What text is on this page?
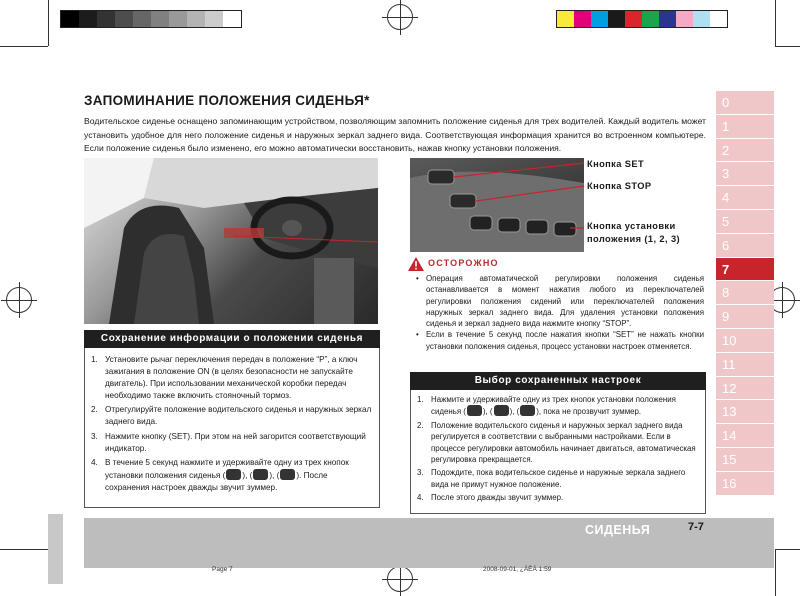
ЗАПОМИНАНИЕ ПОЛОЖЕНИЯ СИДЕНЬЯ*

Водительское сиденье оснащено запоминающим устройством, позволяющим запомнить положение сиденья для трех водителей. Каждый водитель может установить удобное для него положение сиденья и наружных зеркал заднего вида. Соответствующая информация хранится во встроенном компьютере. Если положение сиденья было изменено, его можно автоматически восстановить, нажав кнопку установки положения.

Кнопка SET
Кнопка STOP
Кнопка установки
положения (1, 2, 3)
ОСТОРОЖНО
• Операция автоматической регулировки положения сиденья останавливается в момент нажатия любого из переключателей регулировки положения сидений или переключателей положения наружных зеркал заднего вида. Для удаления установки положения сиденья и зеркал заднего вида нажмите кнопку “STOP”.
• Если в течение 5 секунд после нажатия кнопки “SET” не нажать кнопки установки положения сиденья, процесс установки настроек отменяется.
Сохранение информации о положении сиденья
1. Установите рычаг переключения передач в положение “P”, а ключ зажигания в положение ON (в целях безопасности не запускайте двигатель). При использовании механической коробки передач необходимо также включить стояночный тормоз.
2. Отрегулируйте положение водительского сиденья и наружных зеркал заднего вида.
3. Нажмите кнопку (SET). При этом на ней загорится соответствующий индикатор.
4. В течение 5 секунд нажмите и удерживайте одну из трех кнопок установки положения сиденья ( ), ( ), ( ). После сохранения настроек дважды звучит зуммер.
Выбор сохраненных настроек
1. Нажмите и удерживайте одну из трех кнопок установки положения сиденья ( ), ( ), ( ), пока не прозвучит зуммер.
2. Положение водительского сиденья и наружных зеркал заднего вида регулируется в соответствии с выбранными настройками. Если в процессе регулировки автомобиль начинает двигаться, автоматическая регулировка прекращается.
3. Подождите, пока водительское сиденье и наружные зеркала заднего вида не примут нужное положение.
4. После этого дважды звучит зуммер.
0
1
2
3
4
5
6
7
8
9
10
11
12
13
14
15
16
СИДЕНЬЯ	7-7
Page 7	2008-09-01, ¿ÀÈÄ 1:59
